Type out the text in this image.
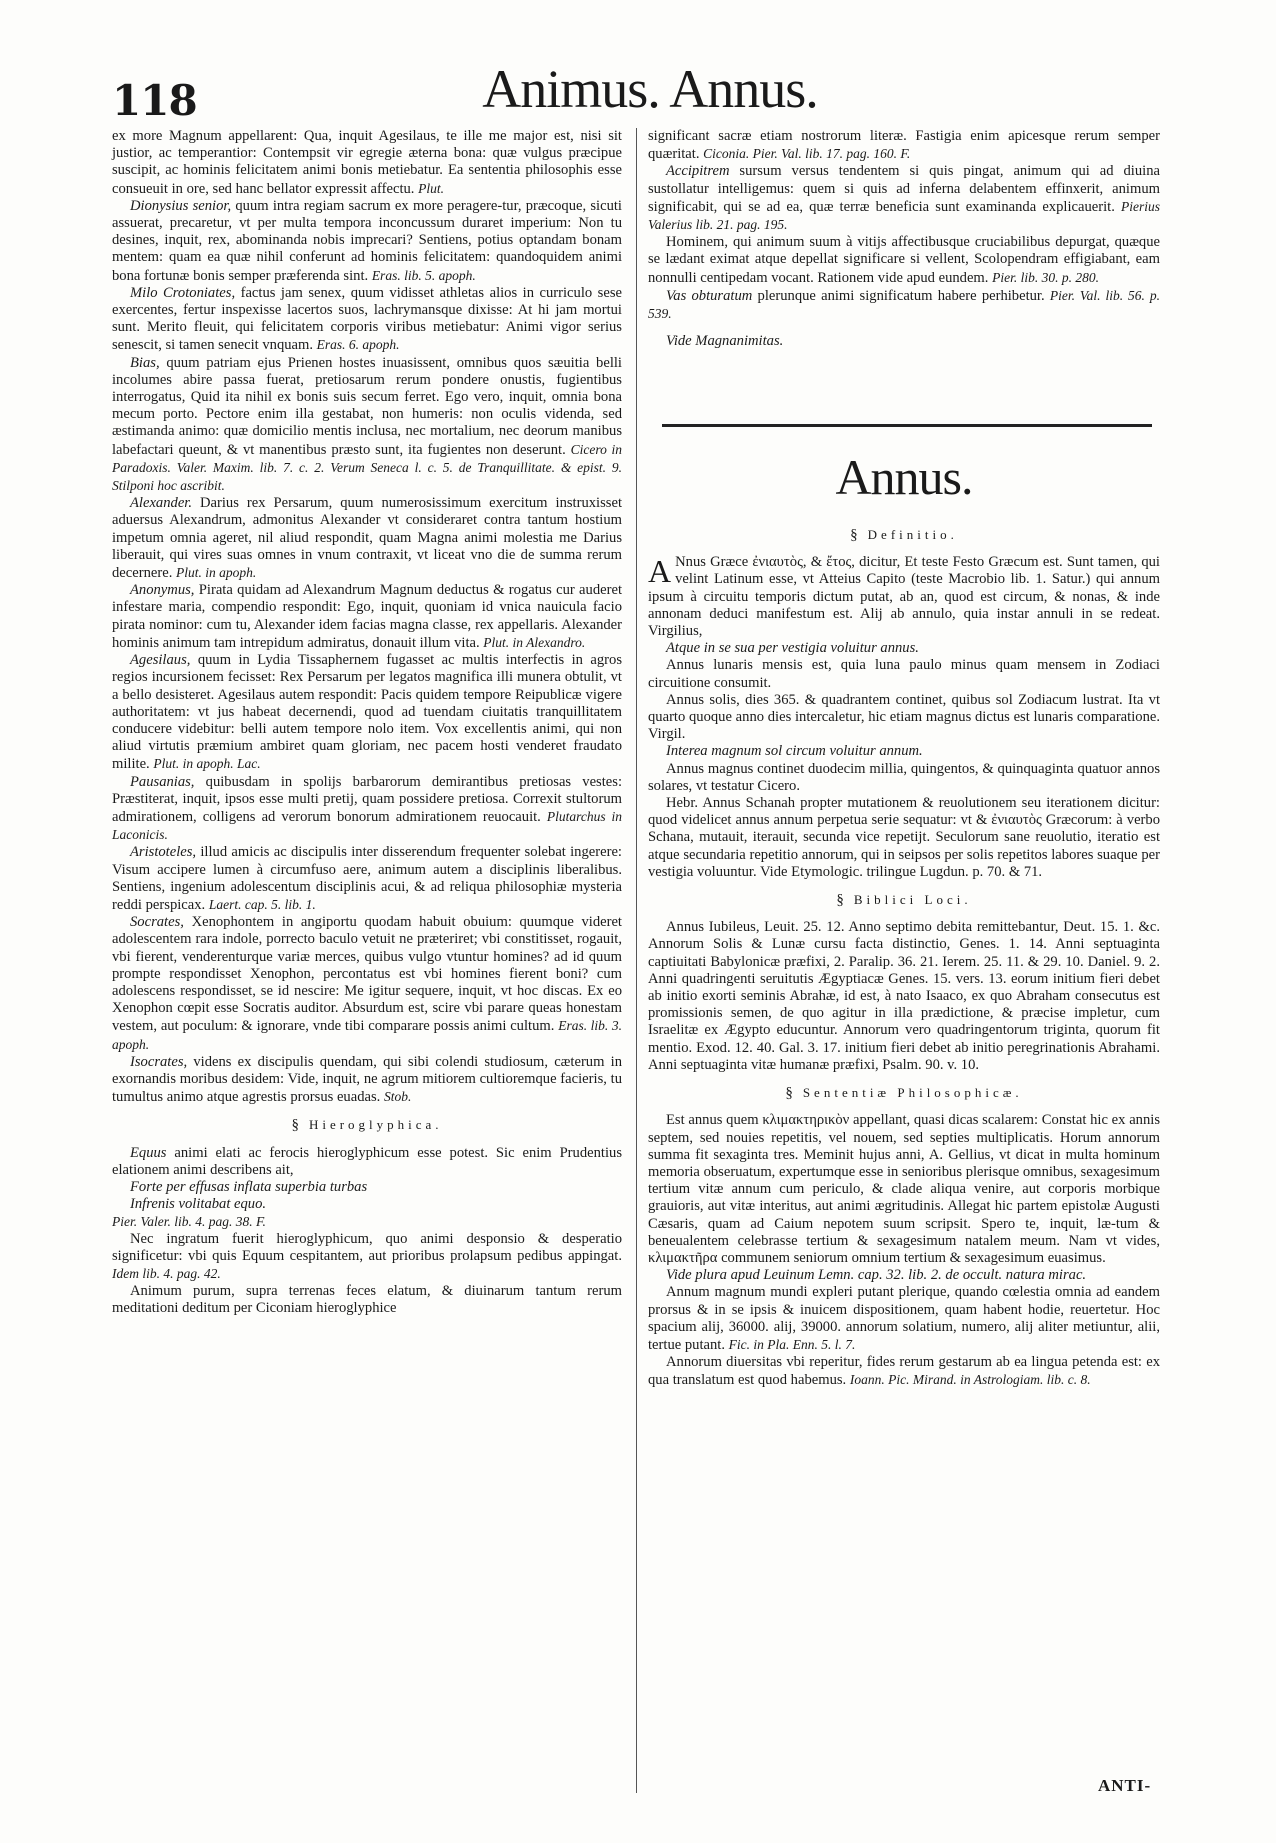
118	Animus. Annus.

ex more Magnum appellarent: Qua, inquit Agesilaus, te ille me major est, nisi sit justior, ac temperantior: Contempsit vir egregie æterna bona: quæ vulgus præcipue suscipit, ac hominis felicitatem animi bonis metiebatur. Ea sententia philosophis esse consueuit in ore, sed hanc bellator expressit affectu. Plut.

Dionysius senior, quum intra regiam sacrum ex more peragere-tur, præcoque, sicuti assuerat, precaretur, vt per multa tempora inconcussum duraret imperium: Non tu desines, inquit, rex, abominanda nobis imprecari? Sentiens, potius optandam bonam mentem: quam ea quæ nihil conferunt ad hominis felicitatem: quandoquidem animi bona fortunæ bonis semper præferenda sint. Eras. lib. 5. apoph.

Milo Crotoniates, factus jam senex, quum vidisset athletas alios in curriculo sese exercentes, fertur inspexisse lacertos suos, lachrymansque dixisse: At hi jam mortui sunt. Merito fleuit, qui felicitatem corporis viribus metiebatur: Animi vigor serius senescit, si tamen senecit vnquam. Eras. 6. apoph.

Bias, quum patriam ejus Prienen hostes inuasissent, omnibus quos sæuitia belli incolumes abire passa fuerat, pretiosarum rerum pondere onustis, fugientibus interrogatus, Quid ita nihil ex bonis suis secum ferret. Ego vero, inquit, omnia bona mecum porto. Pectore enim illa gestabat, non humeris: non oculis videnda, sed æstimanda animo: quæ domicilio mentis inclusa, nec mortalium, nec deorum manibus labefactari queunt, & vt manentibus præsto sunt, ita fugientes non deserunt. Cicero in Paradoxis. Valer. Maxim. lib. 7. c. 2. Verum Seneca l. c. 5. de Tranquillitate. & epist. 9. Stilponi hoc ascribit.

Alexander. Darius rex Persarum, quum numerosissimum exercitum instruxisset aduersus Alexandrum, admonitus Alexander vt consideraret contra tantum hostium impetum omnia ageret, nil aliud respondit, quam Magna animi molestia me Darius liberauit, qui vires suas omnes in vnum contraxit, vt liceat vno die de summa rerum decernere. Plut. in apoph.

Anonymus, Pirata quidam ad Alexandrum Magnum deductus & rogatus cur auderet infestare maria, compendio respondit: Ego, inquit, quoniam id vnica nauicula facio pirata nominor: cum tu, Alexander idem facias magna classe, rex appellaris. Alexander hominis animum tam intrepidum admiratus, donauit illum vita. Plut. in Alexandro.

Agesilaus, quum in Lydia Tissaphernem fugasset ac multis interfectis in agros regios incursionem fecisset: Rex Persarum per legatos magnifica illi munera obtulit, vt a bello desisteret. Agesilaus autem respondit: Pacis quidem tempore Reipublicæ vigere authoritatem: vt jus habeat decernendi, quod ad tuendam ciuitatis tranquillitatem conducere videbitur: belli autem tempore nolo item. Vox excellentis animi, qui non aliud virtutis præmium ambiret quam gloriam, nec pacem hosti venderet fraudato milite. Plut. in apoph. Lac.

Pausanias, quibusdam in spolijs barbarorum demirantibus pretiosas vestes: Præstiterat, inquit, ipsos esse multi pretij, quam possidere pretiosa. Correxit stultorum admirationem, colligens ad verorum bonorum admirationem reuocauit. Plutarchus in Laconicis.

Aristoteles, illud amicis ac discipulis inter disserendum frequenter solebat ingerere: Visum accipere lumen à circumfuso aere, animum autem a disciplinis liberalibus. Sentiens, ingenium adolescentum disciplinis acui, & ad reliqua philosophiæ mysteria reddi perspicax. Laert. cap. 5. lib. 1.

Socrates, Xenophontem in angiportu quodam habuit obuium: quumque videret adolescentem rara indole, porrecto baculo vetuit ne præteriret; vbi constitisset, rogauit, vbi fierent, venderenturque variæ merces, quibus vulgo vtuntur homines? ad id quum prompte respondisset Xenophon, percontatus est vbi homines fierent boni? cum adolescens respondisset, se id nescire: Me igitur sequere, inquit, vt hoc discas. Ex eo Xenophon cœpit esse Socratis auditor. Absurdum est, scire vbi parare queas honestam vestem, aut poculum: & ignorare, vnde tibi comparare possis animi cultum. Eras. lib. 3. apoph.

Isocrates, videns ex discipulis quendam, qui sibi colendi studiosum, cæterum in exornandis moribus desidem: Vide, inquit, ne agrum mitiorem cultioremque facieris, tu tumultus animo atque agrestis prorsus euadas. Stob.

§ Hieroglyphica.

Equus animi elati ac ferocis hieroglyphicum esse potest. Sic enim Prudentius elationem animi describens ait,

Forte per effusas inflata superbia turbas

Infrenis volitabat equo.

Pier. Valer. lib. 4. pag. 38. F.

Nec ingratum fuerit hieroglyphicum, quo animi desponsio & desperatio significetur: vbi quis Equum cespitantem, aut prioribus prolapsum pedibus appingat. Idem lib. 4. pag. 42.

Animum purum, supra terrenas feces elatum, & diuinarum tantum rerum meditationi deditum per Ciconiam hieroglyphice

significant sacræ etiam nostrorum literæ. Fastigia enim apicesque rerum semper quæritat. Ciconia. Pier. Val. lib. 17. pag. 160. F.

Accipitrem sursum versus tendentem si quis pingat, animum qui ad diuina sustollatur intelligemus: quem si quis ad inferna delabentem effinxerit, animum significabit, qui se ad ea, quæ terræ beneficia sunt examinanda explicauerit. Pierius Valerius lib. 21. pag. 195.

Hominem, qui animum suum à vitijs affectibusque cruciabilibus depurgat, quæque se lædant eximat atque depellat significare si vellent, Scolopendram effigiabant, eam nonnulli centipedam vocant. Rationem vide apud eundem. Pier. lib. 30. p. 280.

Vas obturatum plerunque animi significatum habere perhibetur. Pier. Val. lib. 56. p. 539.

Vide Magnanimitas.

Annus.
§ Definitio.

A Nnus Græce ἐνιαυτὸς, & ἔτος, dicitur, Et teste Festo Græcum est. Sunt tamen, qui velint Latinum esse, vt Atteius Capito (teste Macrobio lib. 1. Satur.) qui annum ipsum à circuitu temporis dictum putat, ab an, quod est circum, & nonas, & inde annonam deduci manifestum est. Alij ab annulo, quia instar annuli in se redeat. Virgilius,

Atque in se sua per vestigia voluitur annus.

Annus lunaris mensis est, quia luna paulo minus quam mensem in Zodiaci circuitione consumit.

Annus solis, dies 365. & quadrantem continet, quibus sol Zodiacum lustrat. Ita vt quarto quoque anno dies intercaletur, hic etiam magnus dictus est lunaris comparatione. Virgil.

Interea magnum sol circum voluitur annum.

Annus magnus continet duodecim millia, quingentos, & quinquaginta quatuor annos solares, vt testatur Cicero.

Hebr. Annus Schanah propter mutationem & reuolutionem seu iterationem dicitur: quod videlicet annus annum perpetua serie sequatur: vt & ἐνιαυτὸς Græcorum: à verbo Schana, mutauit, iterauit, secunda vice repetijt. Seculorum sane reuolutio, iteratio est atque secundaria repetitio annorum, qui in seipsos per solis repetitos labores suaque per vestigia voluuntur. Vide Etymologic. trilingue Lugdun. p. 70. & 71.

§ Biblici Loci.

Annus Iubileus, Leuit. 25. 12. Anno septimo debita remittebantur, Deut. 15. 1. &c. Annorum Solis & Lunæ cursu facta distinctio, Genes. 1. 14. Anni septuaginta captiuitati Babylonicæ præfixi, 2. Paralip. 36. 21. Ierem. 25. 11. & 29. 10. Daniel. 9. 2. Anni quadringenti seruitutis Ægyptiacæ Genes. 15. vers. 13. eorum initium fieri debet ab initio exorti seminis Abrahæ, id est, à nato Isaaco, ex quo Abraham consecutus est promissionis semen, de quo agitur in illa prædictione, & præcise impletur, cum Israelitæ ex Ægypto educuntur. Annorum vero quadringentorum triginta, quorum fit mentio. Exod. 12. 40. Gal. 3. 17. initium fieri debet ab initio peregrinationis Abrahami. Anni septuaginta vitæ humanæ præfixi, Psalm. 90. v. 10.

§ Sententiæ Philosophicæ.

Est annus quem κλιμακτηρικὸν appellant, quasi dicas scalarem: Constat hic ex annis septem, sed nouies repetitis, vel nouem, sed septies multiplicatis. Horum annorum summa fit sexaginta tres. Meminit hujus anni, A. Gellius, vt dicat in multa hominum memoria obseruatum, expertumque esse in senioribus plerisque omnibus, sexagesimum tertium vitæ annum cum periculo, & clade aliqua venire, aut corporis morbique grauioris, aut vitæ interitus, aut animi ægritudinis. Allegat hic partem epistolæ Augusti Cæsaris, quam ad Caium nepotem suum scripsit. Spero te, inquit, læ-tum & beneualentem celebrasse tertium & sexagesimum natalem meum. Nam vt vides, κλιμακτῆρα communem seniorum omnium tertium & sexagesimum euasimus.

Vide plura apud Leuinum Lemn. cap. 32. lib. 2. de occult. natura mirac.

Annum magnum mundi expleri putant plerique, quando cœlestia omnia ad eandem prorsus & in se ipsis & inuicem dispositionem, quam habent hodie, reuertetur. Hoc spacium alij, 36000. alij, 39000. annorum solatium, numero, alij aliter metiuntur, alii, tertue putant. Fic. in Pla. Enn. 5. l. 7.

Annorum diuersitas vbi reperitur, fides rerum gestarum ab ea lingua petenda est: ex qua translatum est quod habemus. Ioann. Pic. Mirand. in Astrologiam. lib. c. 8.

ANTI-
